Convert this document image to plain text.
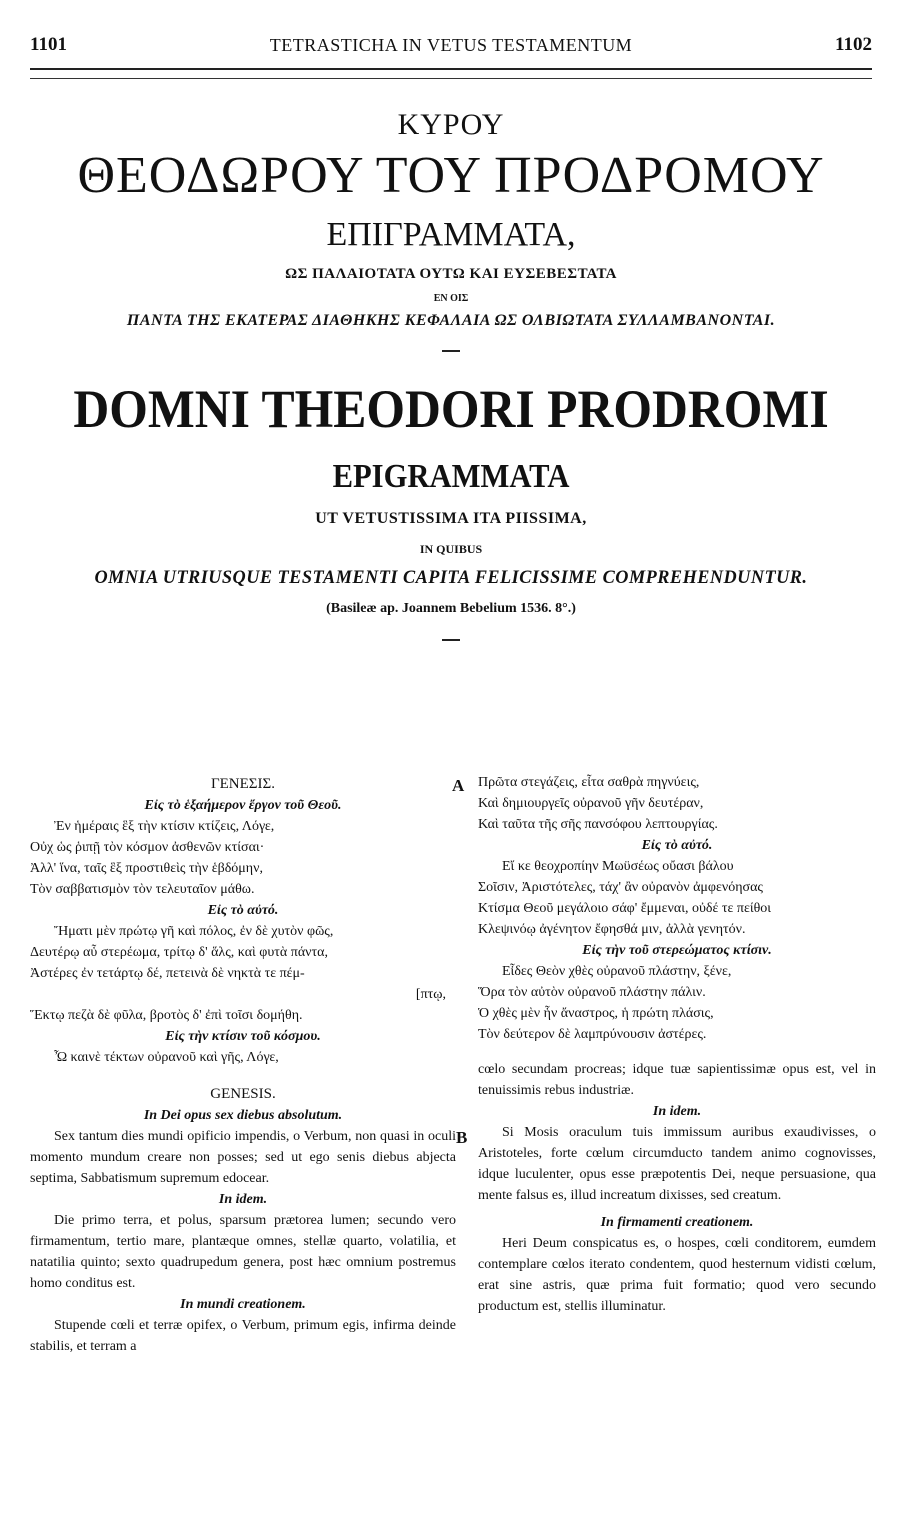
1101	TETRASTICHA IN VETUS TESTAMENTUM	1102
ΚΥΡΟΥ
ΘΕΟΔΩΡΟΥ ΤΟΥ ΠΡΟΔΡΟΜΟΥ
ΕΠΙΓΡΑΜΜΑΤΑ,
ΩΣ ΠΑΛΑΙΟΤΑΤΑ ΟΥΤΩ ΚΑΙ ΕΥΣΕΒΕΣΤΑΤΑ
ΕΝ ΟΙΣ
ΠΑΝΤΑ ΤΗΣ ΕΚΑΤΕΡΑΣ ΔΙΑΘΗΚΗΣ ΚΕΦΑΛΑΙΑ ΩΣ ΟΛΒΙΩΤΑΤΑ ΣΥΛΛΑΜΒΑΝΟΝΤΑΙ.
DOMNI THEODORI PRODROMI
EPIGRAMMATA
UT VETUSTISSIMA ITA PIISSIMA,
IN QUIBUS
OMNIA UTRIUSQUE TESTAMENTI CAPITA FELICISSIME COMPREHENDUNTUR.
(Basileæ ap. Joannem Bebelium 1536. 8°.)
A
B
ΓΕΝΕΣΙΣ.
Εἰς τὸ ἑξαήμερον ἔργον τοῦ Θεοῦ.
Ἐν ἡμέραις ἓξ τὴν κτίσιν κτίζεις, Λόγε,
Οὐχ ὡς ῥιπῇ τὸν κόσμον ἀσθενῶν κτίσαι·
Ἀλλ' ἵνα, ταῖς ἓξ προστιθεὶς τὴν ἑβδόμην,
Τὸν σαββατισμὸν τὸν τελευταῖον μάθω.
Εἰς τὸ αὐτό.
Ἤματι μὲν πρώτῳ γῆ καὶ πόλος, ἐν δὲ χυτὸν φῶς,
Δευτέρῳ αὖ στερέωμα, τρίτῳ δ' ἅλς, καὶ φυτὰ πάντα,
Ἀστέρες ἐν τετάρτῳ δέ, πετεινὰ δὲ νηκτὰ τε πέμ-
[πτῳ,
Ἕκτῳ πεζὰ δὲ φῦλα, βροτὸς δ' ἐπὶ τοῖσι δομήθη.
Εἰς τὴν κτίσιν τοῦ κόσμου.
Ὦ καινὲ τέκτων οὐρανοῦ καὶ γῆς, Λόγε,
GENESIS.
In Dei opus sex diebus absolutum.

Sex tantum dies mundi opificio impendis, o Verbum, non quasi in oculi momento mundum creare non posses; sed ut ego senis diebus abjecta septima, Sabbatismum supremum edocear.

In idem.

Die primo terra, et polus, sparsum prætorea lumen; secundo vero firmamentum, tertio mare, plantæque omnes, stellæ quarto, volatilia, et natatilia quinto; sexto quadrupedum genera, post hæc omnium postremus homo conditus est.

In mundi creationem.

Stupende cœli et terræ opifex, o Verbum, primum egis, infirma deinde stabilis, et terram a

Πρῶτα στεγάζεις, εἶτα σαθρὰ πηγνύεις,
Καὶ δημιουργεῖς οὐρανοῦ γῆν δευτέραν,
Καὶ ταῦτα τῆς σῆς πανσόφου λεπτουργίας.
Εἰς τὸ αὐτό.
Εἴ κε θεοχροπίην Μωϋσέως οὔασι βάλου
Σοῖσιν, Ἀριστότελες, τάχ' ἂν οὐρανὸν ἀμφενόησας
Κτίσμα Θεοῦ μεγάλοιο σάφ' ἔμμεναι, οὐδέ τε πείθοι
Κλεψινόῳ ἀγένητον ἔφησθά μιν, ἀλλὰ γενητόν.
Εἰς τὴν τοῦ στερεώματος κτίσιν.
Εἶδες Θεὸν χθὲς οὐρανοῦ πλάστην, ξένε,
Ὅρα τὸν αὐτὸν οὐρανοῦ πλάστην πάλιν.
Ὁ χθὲς μὲν ἦν ἄναστρος, ἡ πρώτη πλάσις,
Τὸν δεύτερον δὲ λαμπρύνουσιν ἀστέρες.

cœlo secundam procreas; idque tuæ sapientissimæ opus est, vel in tenuissimis rebus industriæ.

In idem.

Si Mosis oraculum tuis immissum auribus exaudivisses, o Aristoteles, forte cœlum circumducto tandem animo cognovisses, idque luculenter, opus esse præpotentis Dei, neque persuasione, qua mente falsus es, illud increatum dixisses, sed creatum.

In firmamenti creationem.

Heri Deum conspicatus es, o hospes, cœli conditorem, eumdem contemplare cœlos iterato condentem, quod hesternum vidisti cœlum, erat sine astris, quæ prima fuit formatio; quod vero secundo productum est, stellis illuminatur.
